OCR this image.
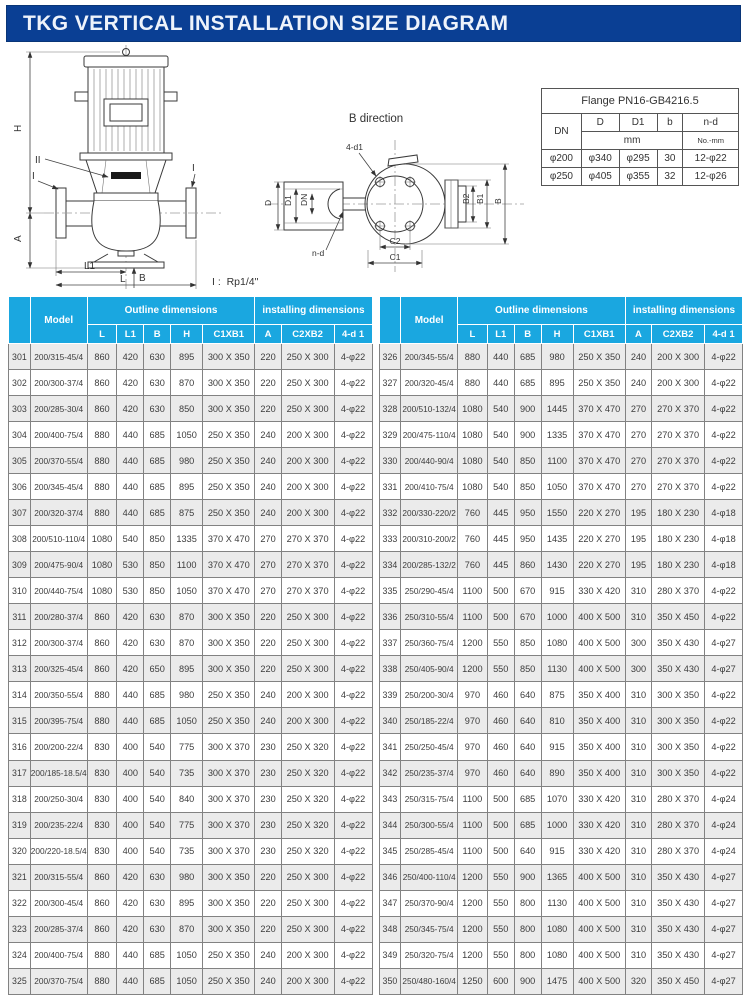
TKG VERTICAL INSTALLATION SIZE DIAGRAM
H
A
L1
L B
II
I
I
B direction
D D1 DN
n-d
4-d1
B2 B1 B
C2
C1

I :  Rp1/4"

Flange PN16-GB4216.5				
DN	D	D1	b	n-d
	mm			No.-mm
φ200	φ340	φ295	30	12-φ22
φ250	φ405	φ355	32	12-φ26
	Model	Outline dimensions					installing dimensions		
		L	L1	B	H	C1XB1	A	C2XB2	4-d 1
301	200/315-45/4	860	420	630	895	300 X 350	220	250 X 300	4-φ22
302	200/300-37/4	860	420	630	870	300 X 350	220	250 X 300	4-φ22
303	200/285-30/4	860	420	630	850	300 X 350	220	250 X 300	4-φ22
304	200/400-75/4	880	440	685	1050	250 X 350	240	200 X 300	4-φ22
305	200/370-55/4	880	440	685	980	250 X 350	240	200 X 300	4-φ22
306	200/345-45/4	880	440	685	895	250 X 350	240	200 X 300	4-φ22
307	200/320-37/4	880	440	685	875	250 X 350	240	200 X 300	4-φ22
308	200/510-110/4	1080	540	850	1335	370 X 470	270	270 X 370	4-φ22
309	200/475-90/4	1080	530	850	1100	370 X 470	270	270 X 370	4-φ22
310	200/440-75/4	1080	530	850	1050	370 X 470	270	270 X 370	4-φ22
311	200/280-37/4	860	420	630	870	300 X 350	220	250 X 300	4-φ22
312	200/300-37/4	860	420	630	870	300 X 350	220	250 X 300	4-φ22
313	200/325-45/4	860	420	650	895	300 X 350	220	250 X 300	4-φ22
314	200/350-55/4	880	440	685	980	250 X 350	240	200 X 300	4-φ22
315	200/395-75/4	880	440	685	1050	250 X 350	240	200 X 300	4-φ22
316	200/200-22/4	830	400	540	775	300 X 370	230	250 X 320	4-φ22
317	200/185-18.5/4	830	400	540	735	300 X 370	230	250 X 320	4-φ22
318	200/250-30/4	830	400	540	840	300 X 370	230	250 X 320	4-φ22
319	200/235-22/4	830	400	540	775	300 X 370	230	250 X 320	4-φ22
320	200/220-18.5/4	830	400	540	735	300 X 370	230	250 X 320	4-φ22
321	200/315-55/4	860	420	630	980	300 X 350	220	250 X 300	4-φ22
322	200/300-45/4	860	420	630	895	300 X 350	220	250 X 300	4-φ22
323	200/285-37/4	860	420	630	870	300 X 350	220	250 X 300	4-φ22
324	200/400-75/4	880	440	685	1050	250 X 350	240	200 X 300	4-φ22
325	200/370-75/4	880	440	685	1050	250 X 350	240	200 X 300	4-φ22
	Model	Outline dimensions					installing dimensions		
		L	L1	B	H	C1XB1	A	C2XB2	4-d 1
326	200/345-55/4	880	440	685	980	250 X 350	240	200 X 300	4-φ22
327	200/320-45/4	880	440	685	895	250 X 350	240	200 X 300	4-φ22
328	200/510-132/4	1080	540	900	1445	370 X 470	270	270 X 370	4-φ22
329	200/475-110/4	1080	540	900	1335	370 X 470	270	270 X 370	4-φ22
330	200/440-90/4	1080	540	850	1100	370 X 470	270	270 X 370	4-φ22
331	200/410-75/4	1080	540	850	1050	370 X 470	270	270 X 370	4-φ22
332	200/330-220/2	760	445	950	1550	220 X 270	195	180 X 230	4-φ18
333	200/310-200/2	760	445	950	1435	220 X 270	195	180 X 230	4-φ18
334	200/285-132/2	760	445	860	1430	220 X 270	195	180 X 230	4-φ18
335	250/290-45/4	1100	500	670	915	330 X 420	310	280 X 370	4-φ22
336	250/310-55/4	1100	500	670	1000	400 X 500	310	350 X 450	4-φ22
337	250/360-75/4	1200	550	850	1080	400 X 500	300	350 X 430	4-φ27
338	250/405-90/4	1200	550	850	1130	400 X 500	300	350 X 430	4-φ27
339	250/200-30/4	970	460	640	875	350 X 400	310	300 X 350	4-φ22
340	250/185-22/4	970	460	640	810	350 X 400	310	300 X 350	4-φ22
341	250/250-45/4	970	460	640	915	350 X 400	310	300 X 350	4-φ22
342	250/235-37/4	970	460	640	890	350 X 400	310	300 X 350	4-φ22
343	250/315-75/4	1100	500	685	1070	330 X 420	310	280 X 370	4-φ24
344	250/300-55/4	1100	500	685	1000	330 X 420	310	280 X 370	4-φ24
345	250/285-45/4	1100	500	640	915	330 X 420	310	280 X 370	4-φ24
346	250/400-110/4	1200	550	900	1365	400 X 500	310	350 X 430	4-φ27
347	250/370-90/4	1200	550	800	1130	400 X 500	310	350 X 430	4-φ27
348	250/345-75/4	1200	550	800	1080	400 X 500	310	350 X 430	4-φ27
349	250/320-75/4	1200	550	800	1080	400 X 500	310	350 X 430	4-φ27
350	250/480-160/4	1250	600	900	1475	400 X 500	320	350 X 450	4-φ27
